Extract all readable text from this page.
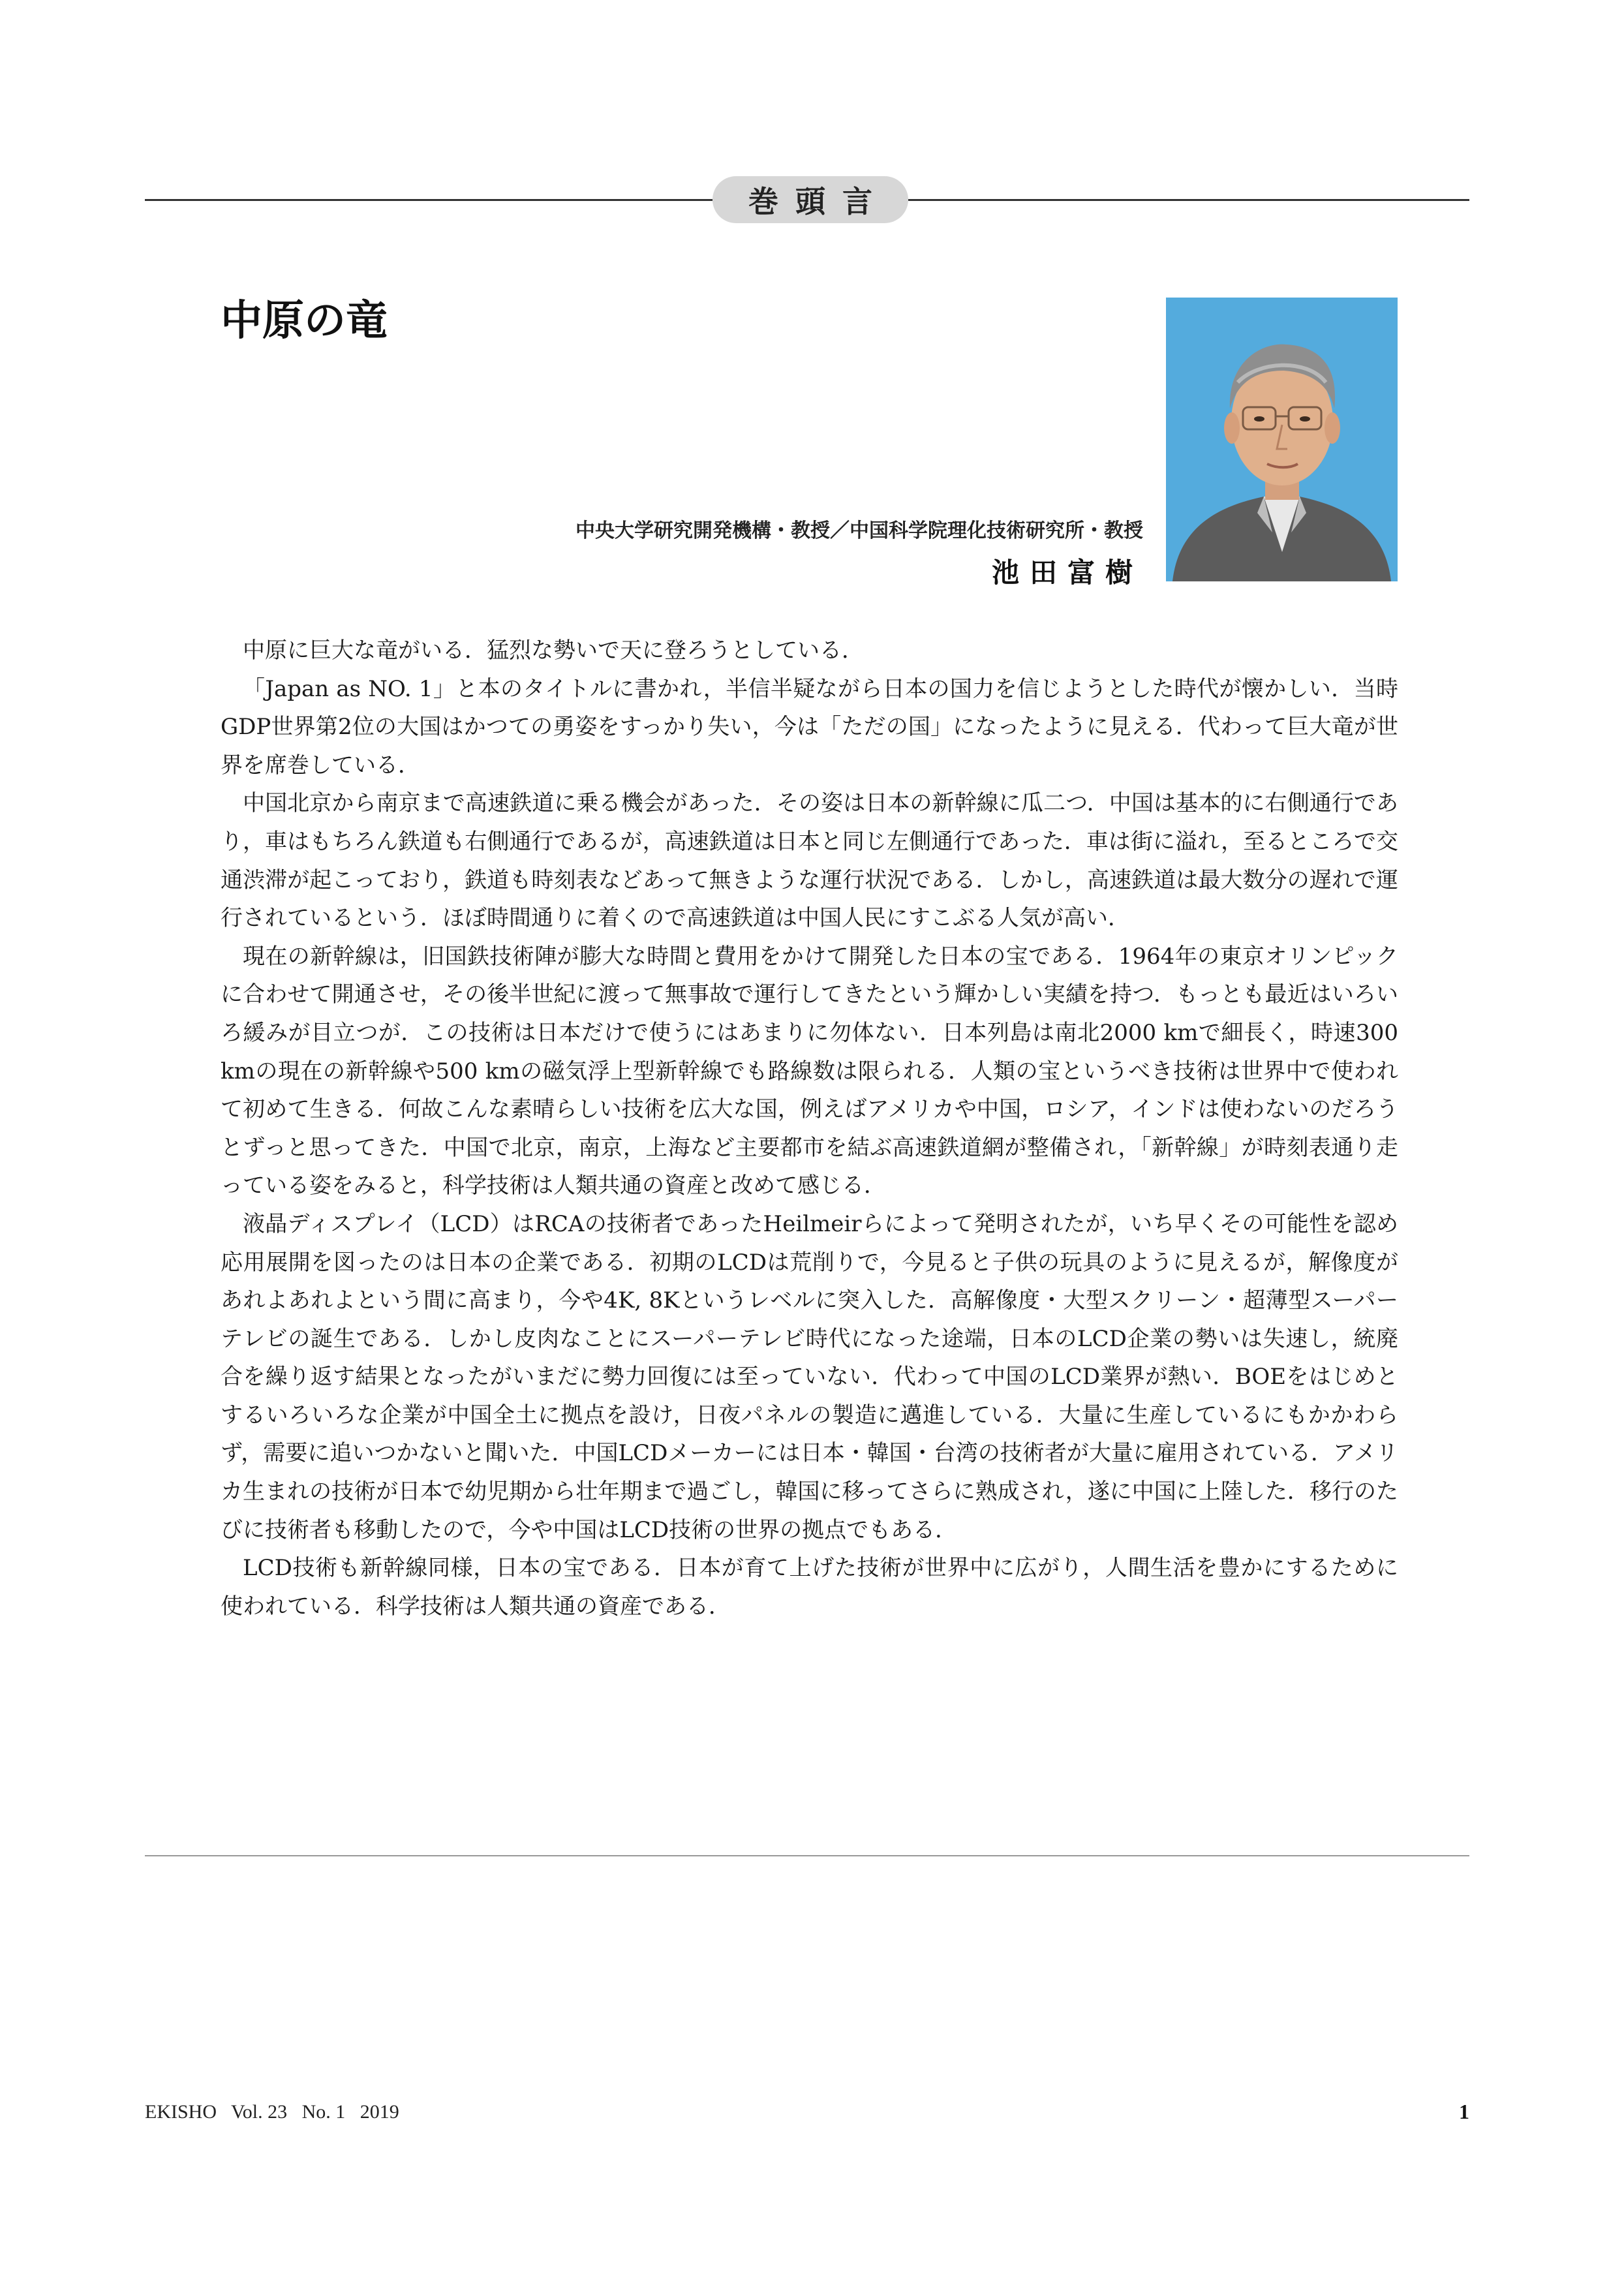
巻頭言
中原の竜
中央大学研究開発機構・教授／中国科学院理化技術研究所・教授
池田富樹

中原に巨大な竜がいる．猛烈な勢いで天に登ろうとしている．

「Japan as NO. 1」と本のタイトルに書かれ，半信半疑ながら日本の国力を信じようとした時代が懐かしい．当時GDP世界第2位の大国はかつての勇姿をすっかり失い，今は「ただの国」になったように見える．代わって巨大竜が世界を席巻している．

中国北京から南京まで高速鉄道に乗る機会があった．その姿は日本の新幹線に瓜二つ．中国は基本的に右側通行であり，車はもちろん鉄道も右側通行であるが，高速鉄道は日本と同じ左側通行であった．車は街に溢れ，至るところで交通渋滞が起こっており，鉄道も時刻表などあって無きような運行状況である．しかし，高速鉄道は最大数分の遅れで運行されているという．ほぼ時間通りに着くので高速鉄道は中国人民にすこぶる人気が高い．

現在の新幹線は，旧国鉄技術陣が膨大な時間と費用をかけて開発した日本の宝である．1964年の東京オリンピックに合わせて開通させ，その後半世紀に渡って無事故で運行してきたという輝かしい実績を持つ．もっとも最近はいろいろ緩みが目立つが．この技術は日本だけで使うにはあまりに勿体ない．日本列島は南北2000 kmで細長く，時速300 kmの現在の新幹線や500 kmの磁気浮上型新幹線でも路線数は限られる．人類の宝というべき技術は世界中で使われて初めて生きる．何故こんな素晴らしい技術を広大な国，例えばアメリカや中国，ロシア，インドは使わないのだろうとずっと思ってきた．中国で北京，南京，上海など主要都市を結ぶ高速鉄道網が整備され，「新幹線」が時刻表通り走っている姿をみると，科学技術は人類共通の資産と改めて感じる．

液晶ディスプレイ（LCD）はRCAの技術者であったHeilmeirらによって発明されたが，いち早くその可能性を認め応用展開を図ったのは日本の企業である．初期のLCDは荒削りで，今見ると子供の玩具のように見えるが，解像度があれよあれよという間に高まり，今や4K, 8Kというレベルに突入した．高解像度・大型スクリーン・超薄型スーパーテレビの誕生である．しかし皮肉なことにスーパーテレビ時代になった途端，日本のLCD企業の勢いは失速し，統廃合を繰り返す結果となったがいまだに勢力回復には至っていない．代わって中国のLCD業界が熱い．BOEをはじめとするいろいろな企業が中国全土に拠点を設け，日夜パネルの製造に邁進している．大量に生産しているにもかかわらず，需要に追いつかないと聞いた．中国LCDメーカーには日本・韓国・台湾の技術者が大量に雇用されている．アメリカ生まれの技術が日本で幼児期から壮年期まで過ごし，韓国に移ってさらに熟成され，遂に中国に上陸した．移行のたびに技術者も移動したので，今や中国はLCD技術の世界の拠点でもある．

LCD技術も新幹線同様，日本の宝である．日本が育て上げた技術が世界中に広がり，人間生活を豊かにするために使われている．科学技術は人類共通の資産である．

EKISHO   Vol. 23   No. 1   2019	1
